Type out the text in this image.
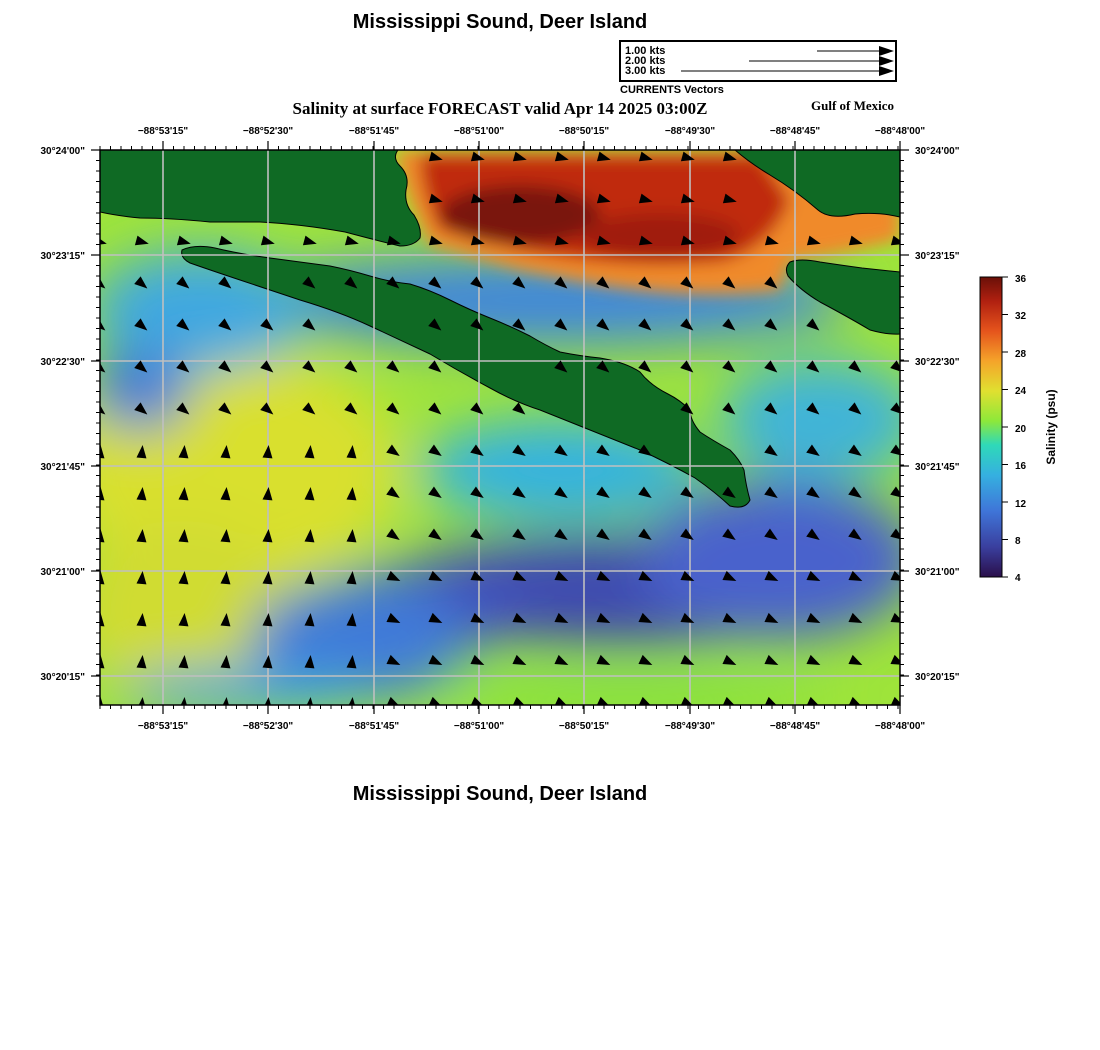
Mississippi Sound, Deer Island
1.00 kts
2.00 kts
3.00 kts
CURRENTS Vectors
Salinity at surface FORECAST valid Apr 14 2025 03:00Z	Gulf of Mexico
−88°53'15"	−88°52'30"	−88°51'45"	−88°51'00"	−88°50'15"	−88°49'30"	−88°48'45"	−88°48'00"
−88°53'15"	−88°52'30"	−88°51'45"	−88°51'00"	−88°50'15"	−88°49'30"	−88°48'45"	−88°48'00"
30°24'00"
30°23'15"
30°22'30"
30°21'45"
30°21'00"
30°20'15"
30°24'00"
30°23'15"
30°22'30"
30°21'45"
30°21'00"
30°20'15"
36
32
28
24
20
16
12
8
4
Salinity (psu)
Mississippi Sound, Deer Island
